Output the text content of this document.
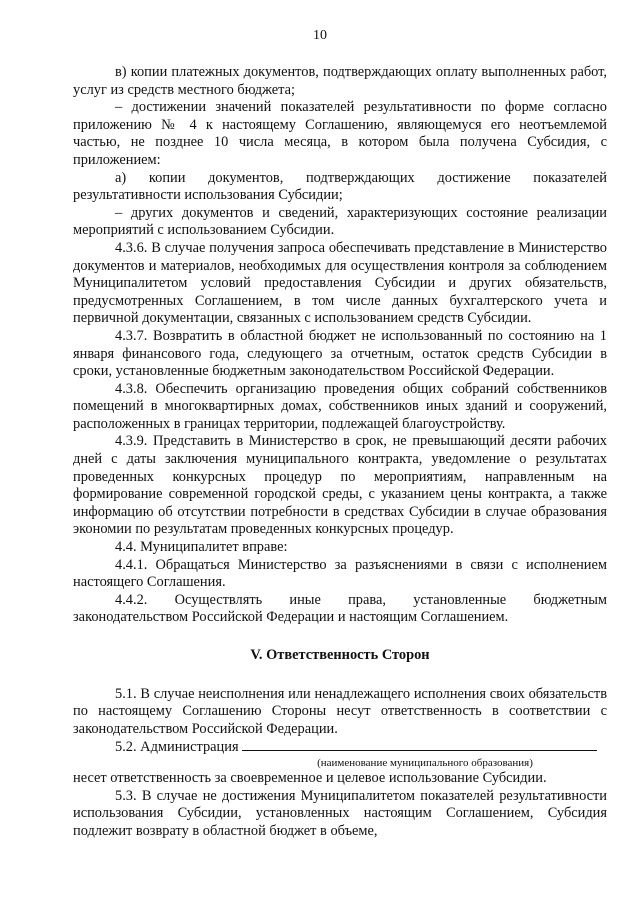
10

в) копии платежных документов, подтверждающих оплату выполненных работ, услуг из средств местного бюджета;

– достижении значений показателей результативности по форме согласно приложению № 4 к настоящему Соглашению, являющемуся его неотъемлемой частью, не позднее 10 числа месяца, в котором была получена Субсидия, с приложением:

а) копии документов, подтверждающих достижение показателей результативности использования Субсидии;

– других документов и сведений, характеризующих состояние реализации мероприятий с использованием Субсидии.

4.3.6. В случае получения запроса обеспечивать представление в Министерство документов и материалов, необходимых для осуществления контроля за соблюдением Муниципалитетом условий предоставления Субсидии и других обязательств, предусмотренных Соглашением, в том числе данных бухгалтерского учета и первичной документации, связанных с использованием средств Субсидии.

4.3.7. Возвратить в областной бюджет не использованный по состоянию на 1 января финансового года, следующего за отчетным, остаток средств Субсидии в сроки, установленные бюджетным законодательством Российской Федерации.

4.3.8. Обеспечить организацию проведения общих собраний собственников помещений в многоквартирных домах, собственников иных зданий и сооружений, расположенных в границах территории, подлежащей благоустройству.

4.3.9. Представить в Министерство в срок, не превышающий десяти рабочих дней с даты заключения муниципального контракта, уведомление о результатах проведенных конкурсных процедур по мероприятиям, направленным на формирование современной городской среды, с указанием цены контракта, а также информацию об отсутствии потребности в средствах Субсидии в случае образования экономии по результатам проведенных конкурсных процедур.

4.4. Муниципалитет вправе:

4.4.1. Обращаться Министерство за разъяснениями в связи с исполнением настоящего Соглашения.

4.4.2. Осуществлять иные права, установленные бюджетным законодательством Российской Федерации и настоящим Соглашением.

V. Ответственность Сторон

5.1. В случае неисполнения или ненадлежащего исполнения своих обязательств по настоящему Соглашению Стороны несут ответственность в соответствии с законодательством Российской Федерации.

5.2. Администрация
(наименование муниципального образования)

несет ответственность за своевременное и целевое использование Субсидии.

5.3. В случае не достижения Муниципалитетом показателей результативности использования Субсидии, установленных настоящим Соглашением, Субсидия подлежит возврату в областной бюджет в объеме,
